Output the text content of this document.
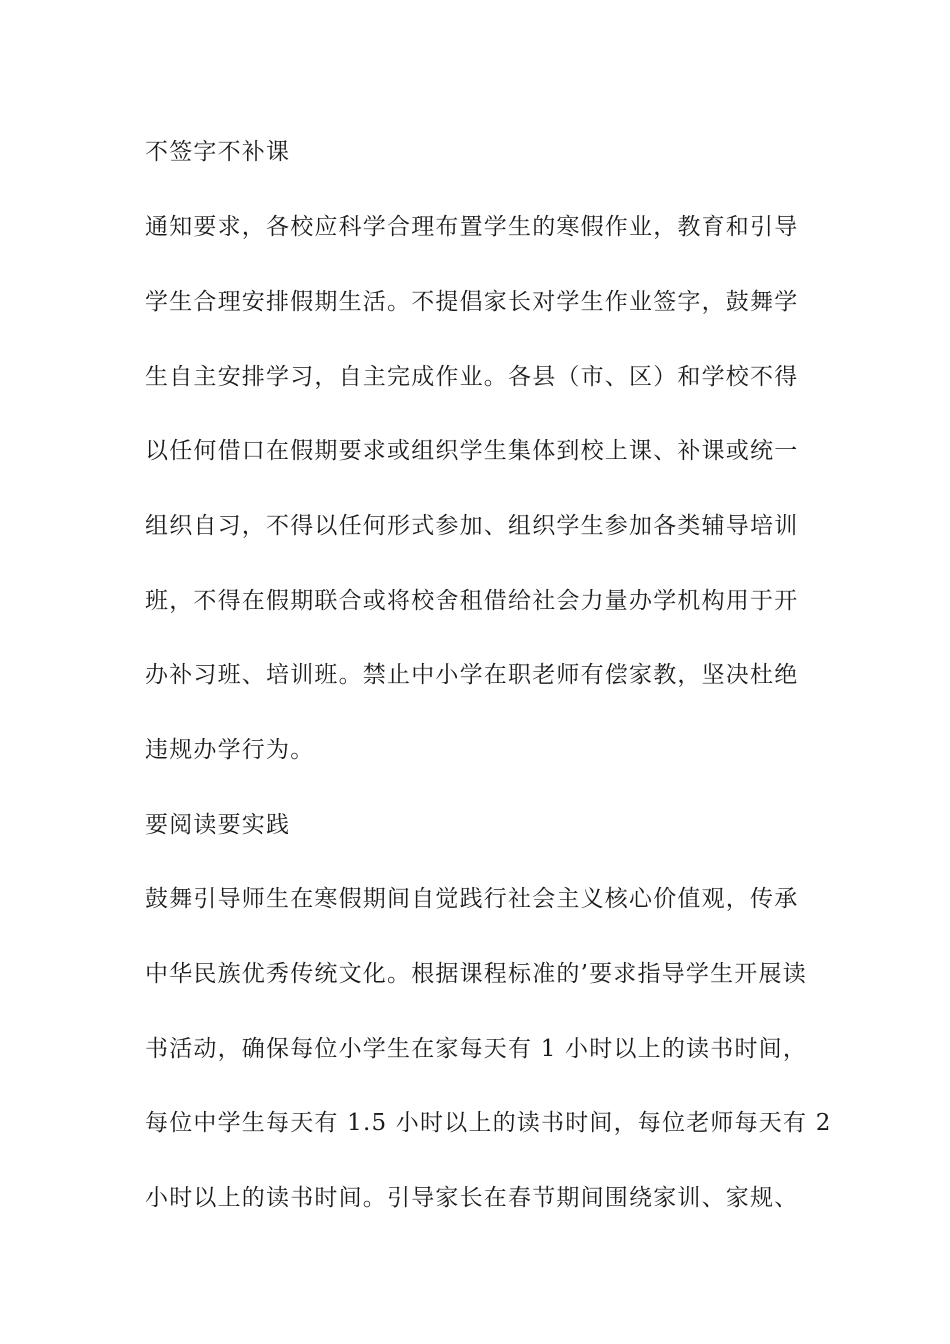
不签字不补课

通知要求，各校应科学合理布置学生的寒假作业，教育和引导

学生合理安排假期生活。不提倡家长对学生作业签字，鼓舞学

生自主安排学习，自主完成作业。各县（市、区）和学校不得

以任何借口在假期要求或组织学生集体到校上课、补课或统一

组织自习，不得以任何形式参加、组织学生参加各类辅导培训

班，不得在假期联合或将校舍租借给社会力量办学机构用于开

办补习班、培训班。禁止中小学在职老师有偿家教，坚决杜绝

违规办学行为。

要阅读要实践

鼓舞引导师生在寒假期间自觉践行社会主义核心价值观，传承

中华民族优秀传统文化。根据课程标准的’要求指导学生开展读

书活动，确保每位小学生在家每天有 1 小时以上的读书时间，

每位中学生每天有 1.5 小时以上的读书时间，每位老师每天有 2

小时以上的读书时间。引导家长在春节期间围绕家训、家规、
